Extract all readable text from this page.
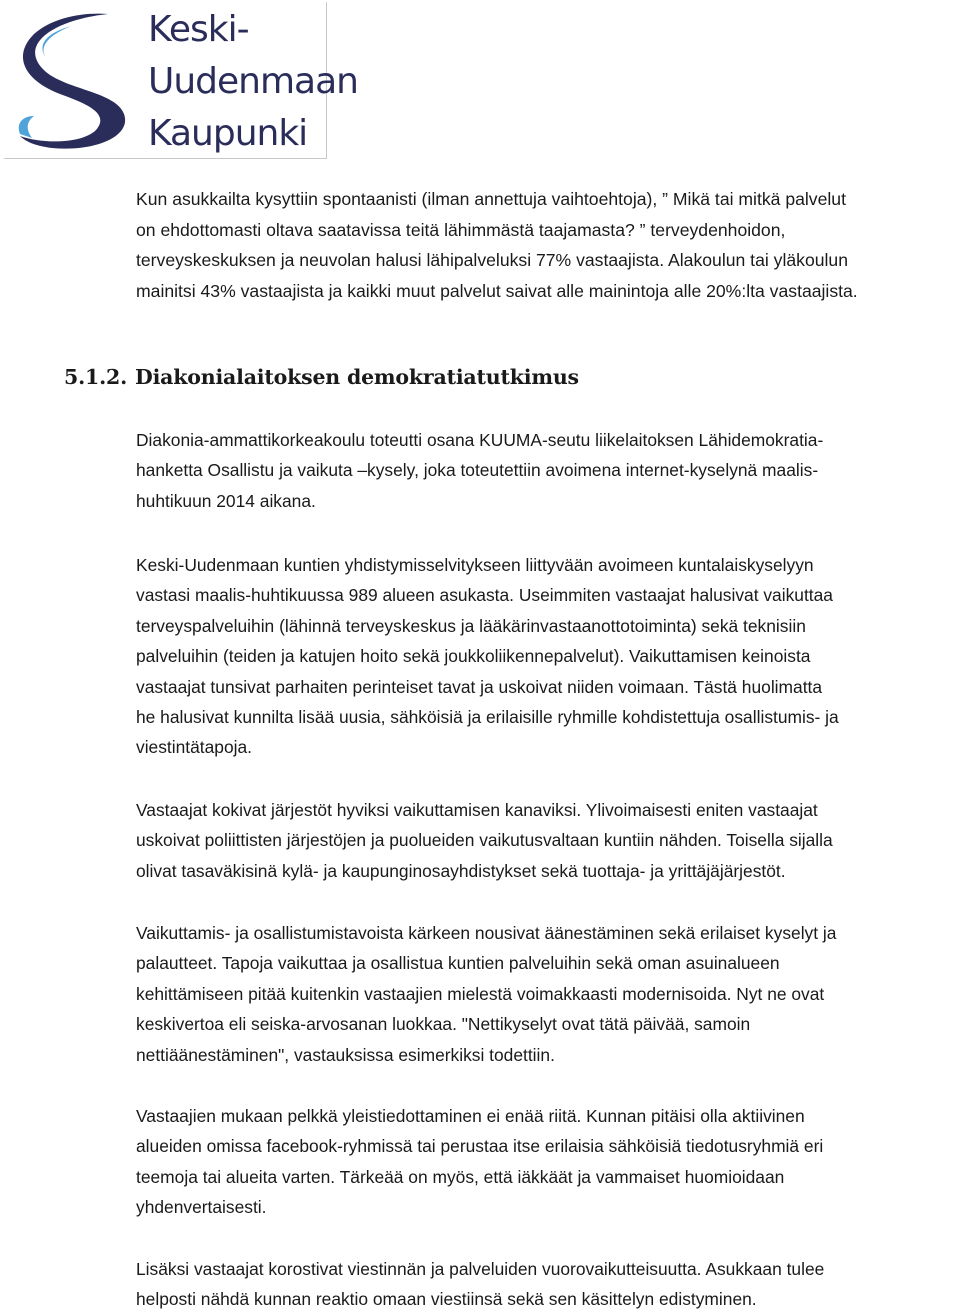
Keski-
Uudenmaan
Kaupunki

Kun asukkailta kysyttiin spontaanisti (ilman annettuja vaihtoehtoja), ” Mikä tai mitkä palvelut
on ehdottomasti oltava saatavissa teitä lähimmästä taajamasta? ” terveydenhoidon,
terveyskeskuksen ja neuvolan halusi lähipalveluksi 77% vastaajista. Alakoulun tai yläkoulun
mainitsi 43% vastaajista ja kaikki muut palvelut saivat alle mainintoja alle 20%:lta vastaajista.

5.1.2. Diakonialaitoksen demokratiatutkimus

Diakonia-ammattikorkeakoulu toteutti osana KUUMA-seutu liikelaitoksen Lähidemokratia-
hanketta Osallistu ja vaikuta –kysely, joka toteutettiin avoimena internet-kyselynä maalis-
huhtikuun 2014 aikana.

Keski-Uudenmaan kuntien yhdistymisselvitykseen liittyvään avoimeen kuntalaiskyselyyn
vastasi maalis-huhtikuussa 989 alueen asukasta. Useimmiten vastaajat halusivat vaikuttaa
terveyspalveluihin (lähinnä terveyskeskus ja lääkärinvastaanottotoiminta) sekä teknisiin
palveluihin (teiden ja katujen hoito sekä joukkoliikennepalvelut). Vaikuttamisen keinoista
vastaajat tunsivat parhaiten perinteiset tavat ja uskoivat niiden voimaan. Tästä huolimatta
he halusivat kunnilta lisää uusia, sähköisiä ja erilaisille ryhmille kohdistettuja osallistumis- ja
viestintätapoja.

Vastaajat kokivat järjestöt hyviksi vaikuttamisen kanaviksi. Ylivoimaisesti eniten vastaajat
uskoivat poliittisten järjestöjen ja puolueiden vaikutusvaltaan kuntiin nähden. Toisella sijalla
olivat tasaväkisinä kylä- ja kaupunginosayhdistykset sekä tuottaja- ja yrittäjäjärjestöt.

Vaikuttamis- ja osallistumistavoista kärkeen nousivat äänestäminen sekä erilaiset kyselyt ja
palautteet. Tapoja vaikuttaa ja osallistua kuntien palveluihin sekä oman asuinalueen
kehittämiseen pitää kuitenkin vastaajien mielestä voimakkaasti modernisoida. Nyt ne ovat
keskivertoa eli seiska-arvosanan luokkaa. "Nettikyselyt ovat tätä päivää, samoin
nettiäänestäminen", vastauksissa esimerkiksi todettiin.

Vastaajien mukaan pelkkä yleistiedottaminen ei enää riitä. Kunnan pitäisi olla aktiivinen
alueiden omissa facebook-ryhmissä tai perustaa itse erilaisia sähköisiä tiedotusryhmiä eri
teemoja tai alueita varten. Tärkeää on myös, että iäkkäät ja vammaiset huomioidaan
yhdenvertaisesti.

Lisäksi vastaajat korostivat viestinnän ja palveluiden vuorovaikutteisuutta. Asukkaan tulee
helposti nähdä kunnan reaktio omaan viestiinsä sekä sen käsittelyn edistyminen.
